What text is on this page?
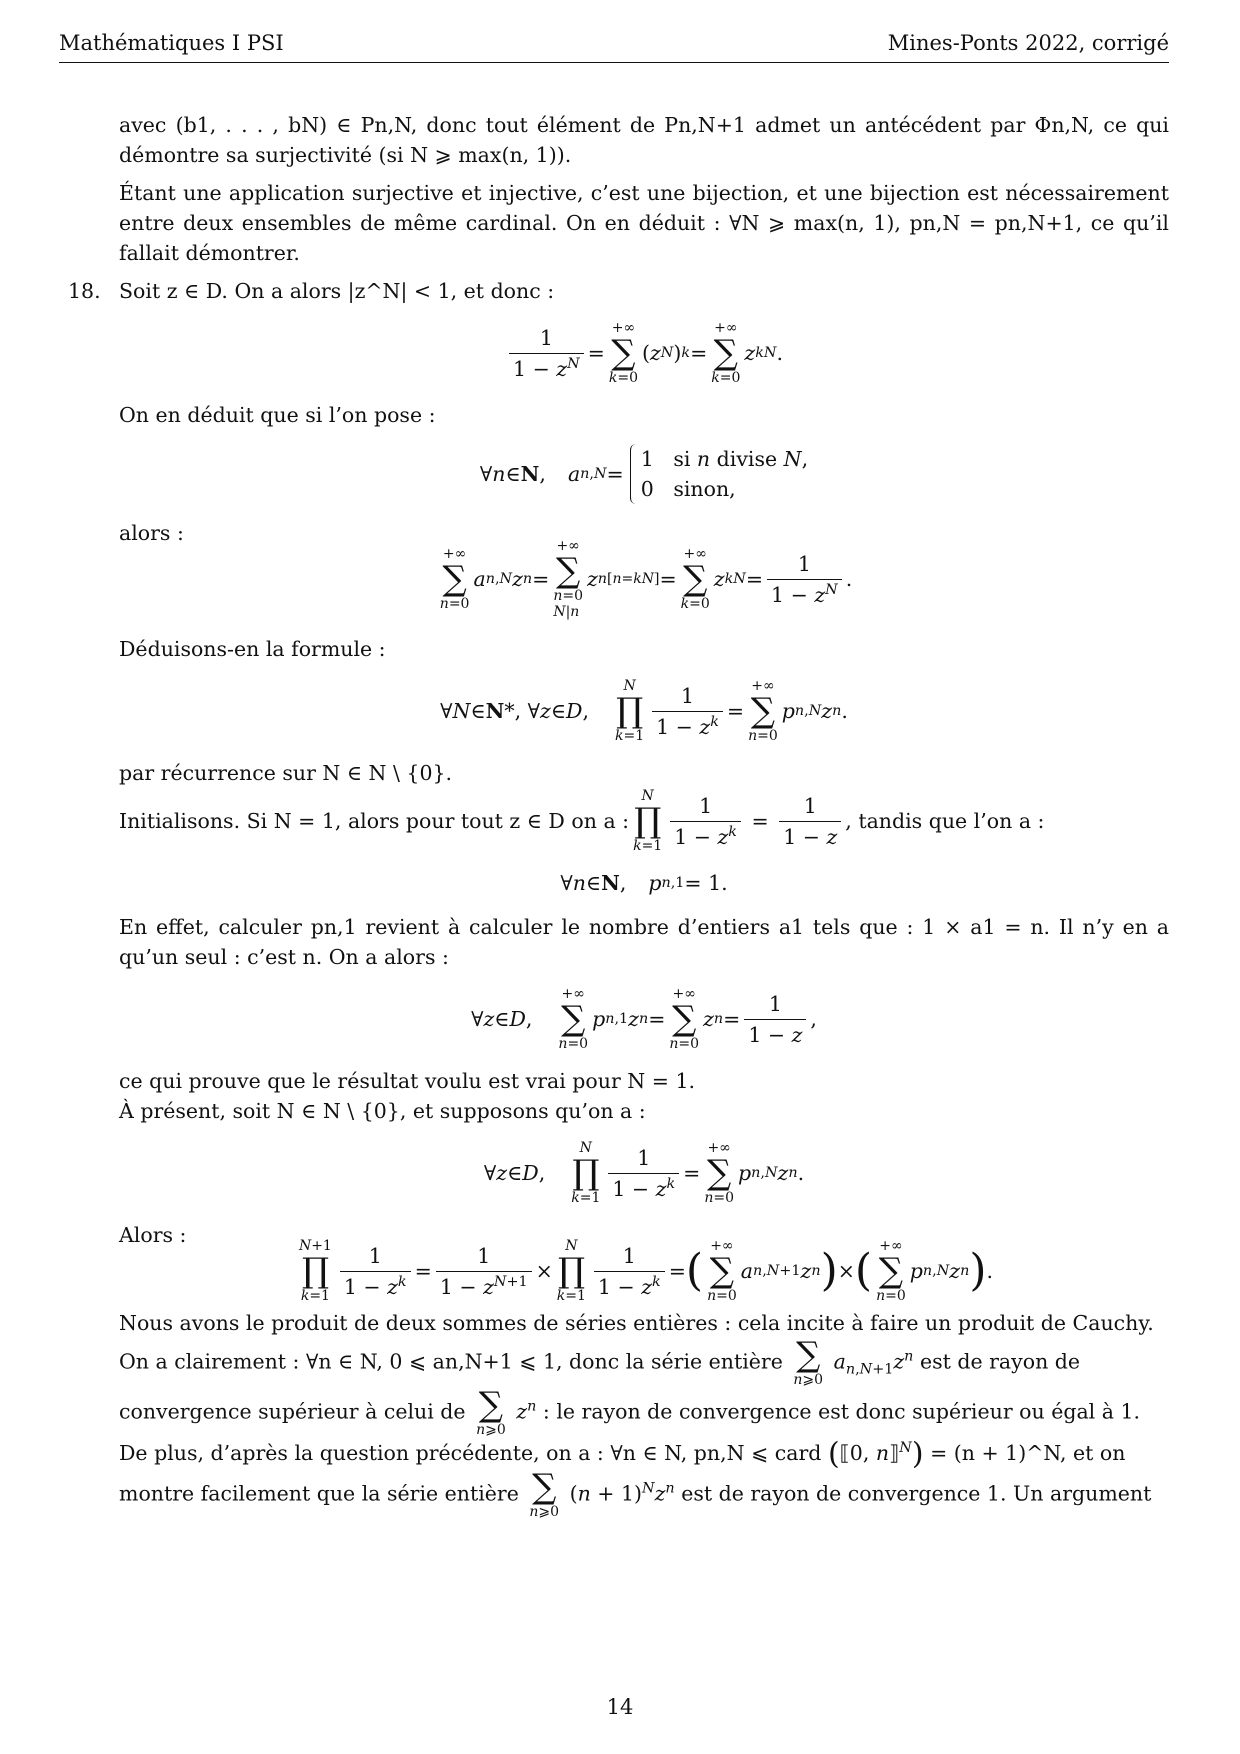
Mathématiques I PSI	Mines-Ponts 2022, corrigé

avec (b1, . . . , bN) ∈ Pn,N, donc tout élément de Pn,N+1 admet un antécédent par Φn,N, ce qui démontre sa surjectivité (si N ⩾ max(n, 1)).

Étant une application surjective et injective, c’est une bijection, et une bijection est nécessairement entre deux ensembles de même cardinal. On en déduit : ∀N ⩾ max(n, 1), pn,N = pn,N+1, ce qu’il fallait démontrer.

18. Soit z ∈ D. On a alors |z^N| < 1, et donc :

$\frac{1}{1 - z^N}$ =
+∞
∑
k=0
( z N ) k =
+∞
∑
k=0
z kN .

On en déduit que si l’on pose :

∀ n ∈ N , a n,N =
1   si n divise N,
0   sinon,

alors :

+∞
∑
n=0
a n,N z n =
+∞
∑
n=0
N|n
z n [n=kN] =
+∞
∑
k=0
z kN = $\frac{1}{1 - z^N}$ .

Déduisons-en la formule :

∀ N ∈ N *, ∀ z ∈ D ,
N
∏
$k=1 \frac{1}{1 - z^k}$ =
+∞
∑
n=0
p n,N z n .

par récurrence sur N ∈ N \ {0}.

Initialisons. Si N = 1, alors pour tout z ∈ D on a :
N
∏
$k=1 \frac{1}{1 - z^k} = \frac{1}{1 - z}$ , tandis que l’on a :

∀ n ∈ N , p n,1 = 1.

En effet, calculer pn,1 revient à calculer le nombre d’entiers a1 tels que : 1 × a1 = n. Il n’y en a qu’un seul : c’est n. On a alors :

∀ z ∈ D ,
+∞
∑
n=0
p n,1 z n =
+∞
∑
n=0
z $n = \frac{1}{1 - z}$ ,

ce qui prouve que le résultat voulu est vrai pour N = 1.

À présent, soit N ∈ N \ {0}, et supposons qu’on a :

∀ z ∈ D ,
N
∏
$k=1 \frac{1}{1 - z^k}$ =
+∞
∑
n=0
p n,N z n .

Alors :	N+1
∏
$k=1 \frac{1}{1 - z^k} = \frac{1}{1 - z^{N+1}}$ ×
N
∏
$k=1 \frac{1}{1 - z^k}$ = ( +∞
∑
n=0
a n,N+1 z n ) × ( +∞
∑
n=0
p n,N z n ) .

Nous avons le produit de deux sommes de séries entières : cela incite à faire un produit de Cauchy.

On a clairement : ∀n ∈ N, 0 ⩽ an,N+1 ⩽ 1, donc la série entière ∑
n⩾0
$a_{n,N+1}z^n$ est de rayon de

convergence supérieur à celui de ∑
n⩾0
$z^n$ : le rayon de convergence est donc supérieur ou égal à 1.

De plus, d’après la question précédente, on a : ∀n ∈ N, pn,N ⩽ card (⟦0, n⟧$^N$) = (n + 1)^N, et on

montre facilement que la série entière ∑
n⩾0
$(n + 1)^Nz^n$ est de rayon de convergence 1. Un argument

14
